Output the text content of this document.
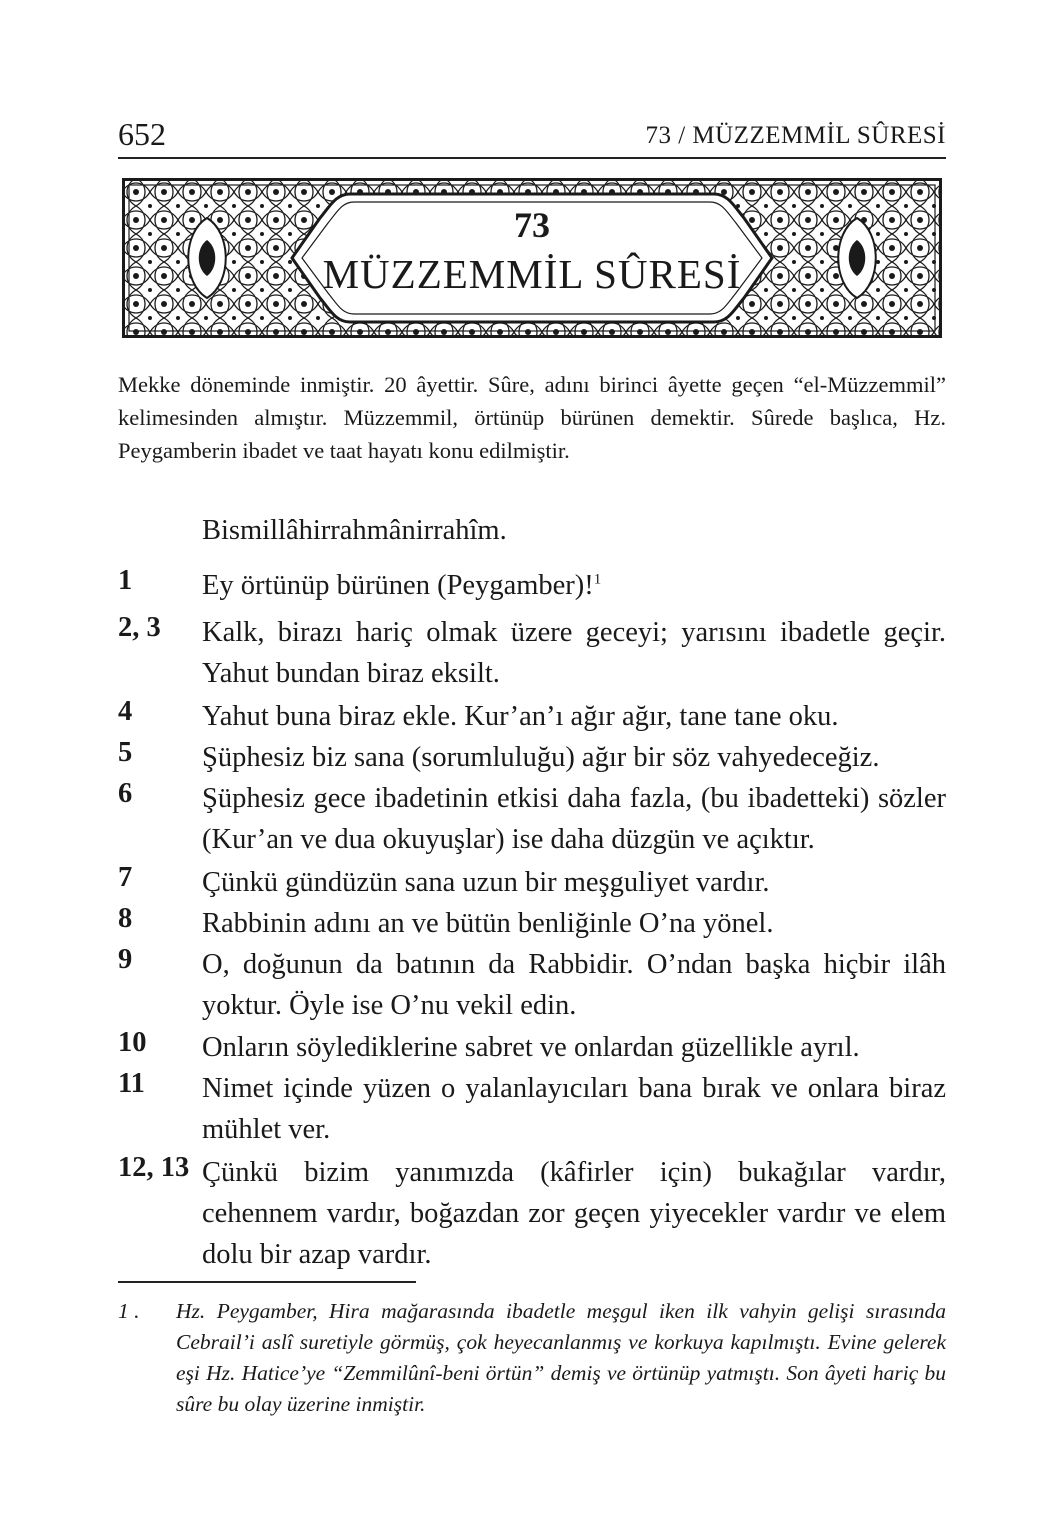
652	73 / MÜZZEMMİL SÛRESİ
73
MÜZZEMMİL SÛRESİ
Mekke döneminde inmiştir. 20 âyettir. Sûre, adını birinci âyette geçen “el-Müzzemmil” kelimesinden almıştır. Müzzemmil, örtünüp bürünen demektir. Sûrede başlıca, Hz. Peygamberin ibadet ve taat hayatı konu edilmiştir.
Bismillâhirrahmânirrahîm.
1 Ey örtünüp bürünen (Peygamber)!$^1$
2, 3 Kalk, birazı hariç olmak üzere geceyi; yarısını ibadetle geçir. Yahut bundan biraz eksilt.
4 Yahut buna biraz ekle. Kur’an’ı ağır ağır, tane tane oku.
5 Şüphesiz biz sana (sorumluluğu) ağır bir söz vahyedeceğiz.
6 Şüphesiz gece ibadetinin etkisi daha fazla, (bu ibadetteki) sözler (Kur’an ve dua okuyuşlar) ise daha düzgün ve açıktır.
7 Çünkü gündüzün sana uzun bir meşguliyet vardır.
8 Rabbinin adını an ve bütün benliğinle O’na yönel.
9 O, doğunun da batının da Rabbidir. O’ndan başka hiçbir ilâh yoktur. Öyle ise O’nu vekil edin.
10 Onların söylediklerine sabret ve onlardan güzellikle ayrıl.
11 Nimet içinde yüzen o yalanlayıcıları bana bırak ve onlara biraz mühlet ver.
12, 13 Çünkü bizim yanımızda (kâfirler için) bukağılar vardır, cehennem vardır, boğazdan zor geçen yiyecekler vardır ve elem dolu bir azap vardır.
1 . Hz. Peygamber, Hira mağarasında ibadetle meşgul iken ilk vahyin gelişi sırasında Cebrail’i aslî suretiyle görmüş, çok heyecanlanmış ve korkuya kapılmıştı. Evine gelerek eşi Hz. Hatice’ye “Zemmilûnî-beni örtün” demiş ve örtünüp yatmıştı. Son âyeti hariç bu sûre bu olay üzerine inmiştir.
